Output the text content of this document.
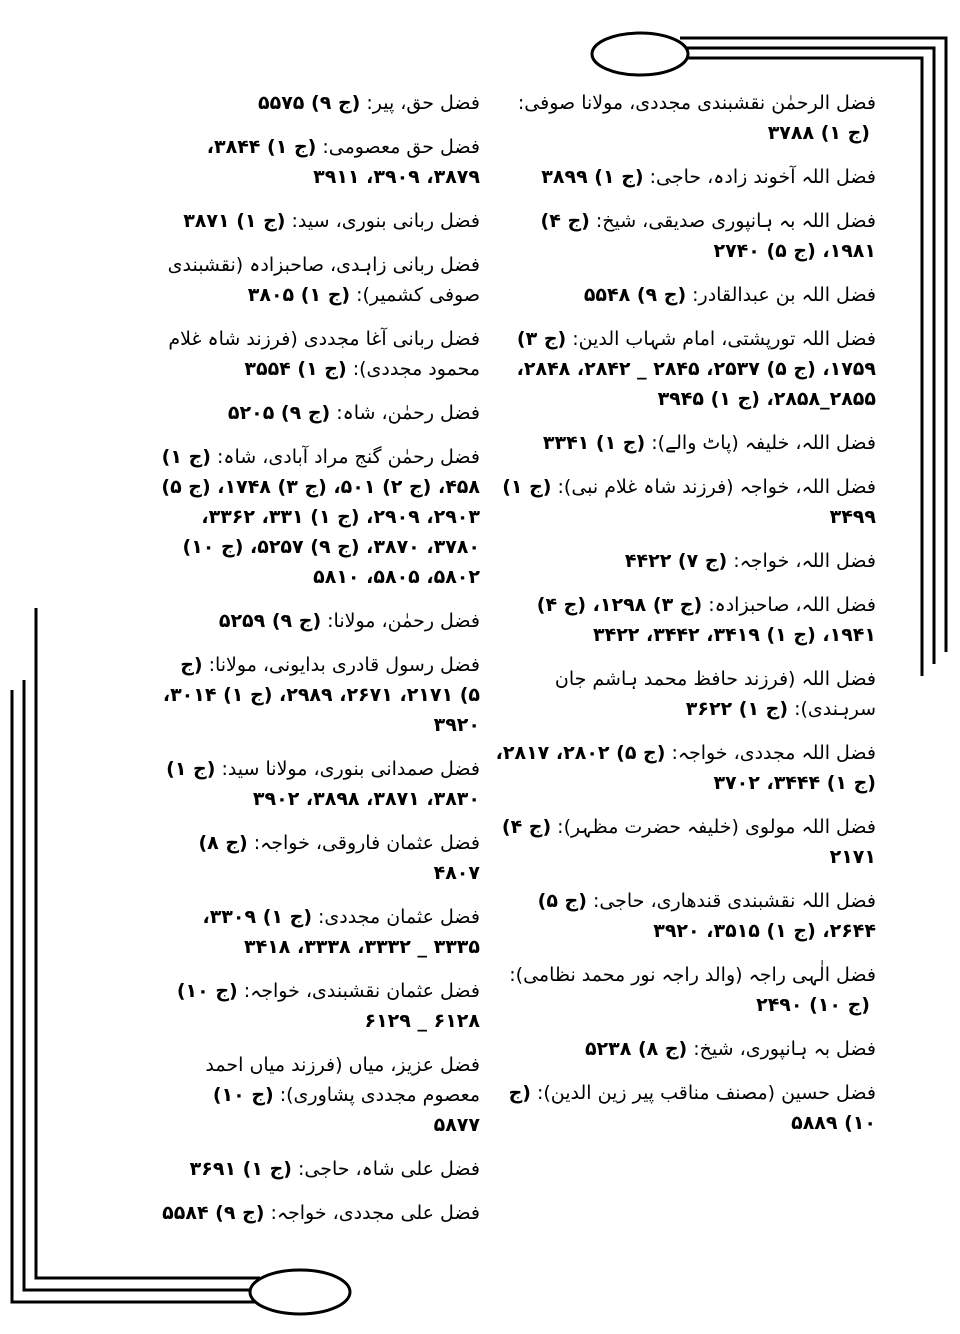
فضل الرحمٰن نقشبندی مجددی، مولانا صوفی:(ج ۱) ۳۷۸۸
فضل اللہ آخوند زادہ، حاجی:(ج ۱) ۳۸۹۹
فضل اللہ بہ ہانپوری صدیقی، شیخ:(ج ۴) ۱۹۸۱، (ج ۵) ۲۷۴۰
فضل اللہ بن عبدالقادر:(ج ۹) ۵۵۴۸
فضل اللہ تورپشتی، امام شہاب الدین:(ج ۳) ۱۷۵۹، (ج ۵) ۲۵۳۷، ۲۸۴۵ _ ۲۸۴۲، ۲۸۴۸، ۲۸۵۵_۲۸۵۸، (ج ۱) ۳۹۴۵
فضل اللہ، خلیفہ (پاٹ والے):(ج ۱) ۳۳۴۱
فضل اللہ، خواجہ (فرزند شاہ غلام نبی):(ج ۱) ۳۴۹۹
فضل اللہ، خواجہ:(ج ۷) ۴۴۲۲
فضل اللہ، صاحبزادہ:(ج ۳) ۱۲۹۸، (ج ۴) ۱۹۴۱، (ج ۱) ۳۴۱۹، ۳۴۴۲، ۳۴۲۲
فضل اللہ (فرزند حافظ محمد ہاشم جان سرہندی):(ج ۱) ۳۶۲۲
فضل اللہ مجددی، خواجہ:(ج ۵) ۲۸۰۲، ۲۸۱۷، (ج ۱) ۳۴۴۴، ۳۷۰۲
فضل اللہ مولوی (خلیفہ حضرت مظہر):(ج ۴) ۲۱۷۱
فضل اللہ نقشبندی قندھاری، حاجی:(ج ۵) ۲۶۴۴، (ج ۱) ۳۵۱۵، ۳۹۲۰
فضل الٰہی راجہ (والد راجہ نور محمد نظامی):(ج ۱۰) ۲۴۹۰
فضل بہ ہانپوری، شیخ:(ج ۸) ۵۲۳۸
فضل حسین (مصنف مناقب پیر زین الدین):(ج ۱۰) ۵۸۸۹
فضل حق، پیر:(ج ۹) ۵۵۷۵
فضل حق معصومی:(ج ۱) ۳۸۴۴، ۳۸۷۹، ۳۹۰۹، ۳۹۱۱
فضل ربانی بنوری، سید:(ج ۱) ۳۸۷۱
فضل ربانی زاہدی، صاحبزادہ (نقشبندی صوفی کشمیر):(ج ۱) ۳۸۰۵
فضل ربانی آغا مجددی (فرزند شاہ غلام محمود مجددی):(ج ۱) ۳۵۵۴
فضل رحمٰن، شاہ:(ج ۹) ۵۲۰۵
فضل رحمٰن گنج مراد آبادی، شاہ:(ج ۱) ۴۵۸، (ج ۲) ۵۰۱، (ج ۳) ۱۷۴۸، (ج ۵) ۲۹۰۳، ۲۹۰۹، (ج ۱) ۳۳۱، ۳۳۶۲، ۳۷۸۰، ۳۸۷۰، (ج ۹) ۵۲۵۷، (ج ۱۰) ۵۸۰۲، ۵۸۰۵، ۵۸۱۰
فضل رحمٰن، مولانا:(ج ۹) ۵۲۵۹
فضل رسول قادری بدایونی، مولانا:(ج ۵) ۲۱۷۱، ۲۶۷۱، ۲۹۸۹، (ج ۱) ۳۰۱۴، ۳۹۲۰
فضل صمدانی بنوری، مولانا سید:(ج ۱) ۳۸۳۰، ۳۸۷۱، ۳۸۹۸، ۳۹۰۲
فضل عثمان فاروقی، خواجہ:(ج ۸) ۴۸۰۷
فضل عثمان مجددی:(ج ۱) ۳۳۰۹، ۳۳۳۵ _ ۳۳۳۲، ۳۳۳۸، ۳۴۱۸
فضل عثمان نقشبندی، خواجہ:(ج ۱۰) ۶۱۲۸ _ ۶۱۲۹
فضل عزیز، میاں (فرزند میاں احمد معصوم مجددی پشاوری):(ج ۱۰) ۵۸۷۷
فضل علی شاہ، حاجی:(ج ۱) ۳۶۹۱
فضل علی مجددی، خواجہ:(ج ۹) ۵۵۸۴
